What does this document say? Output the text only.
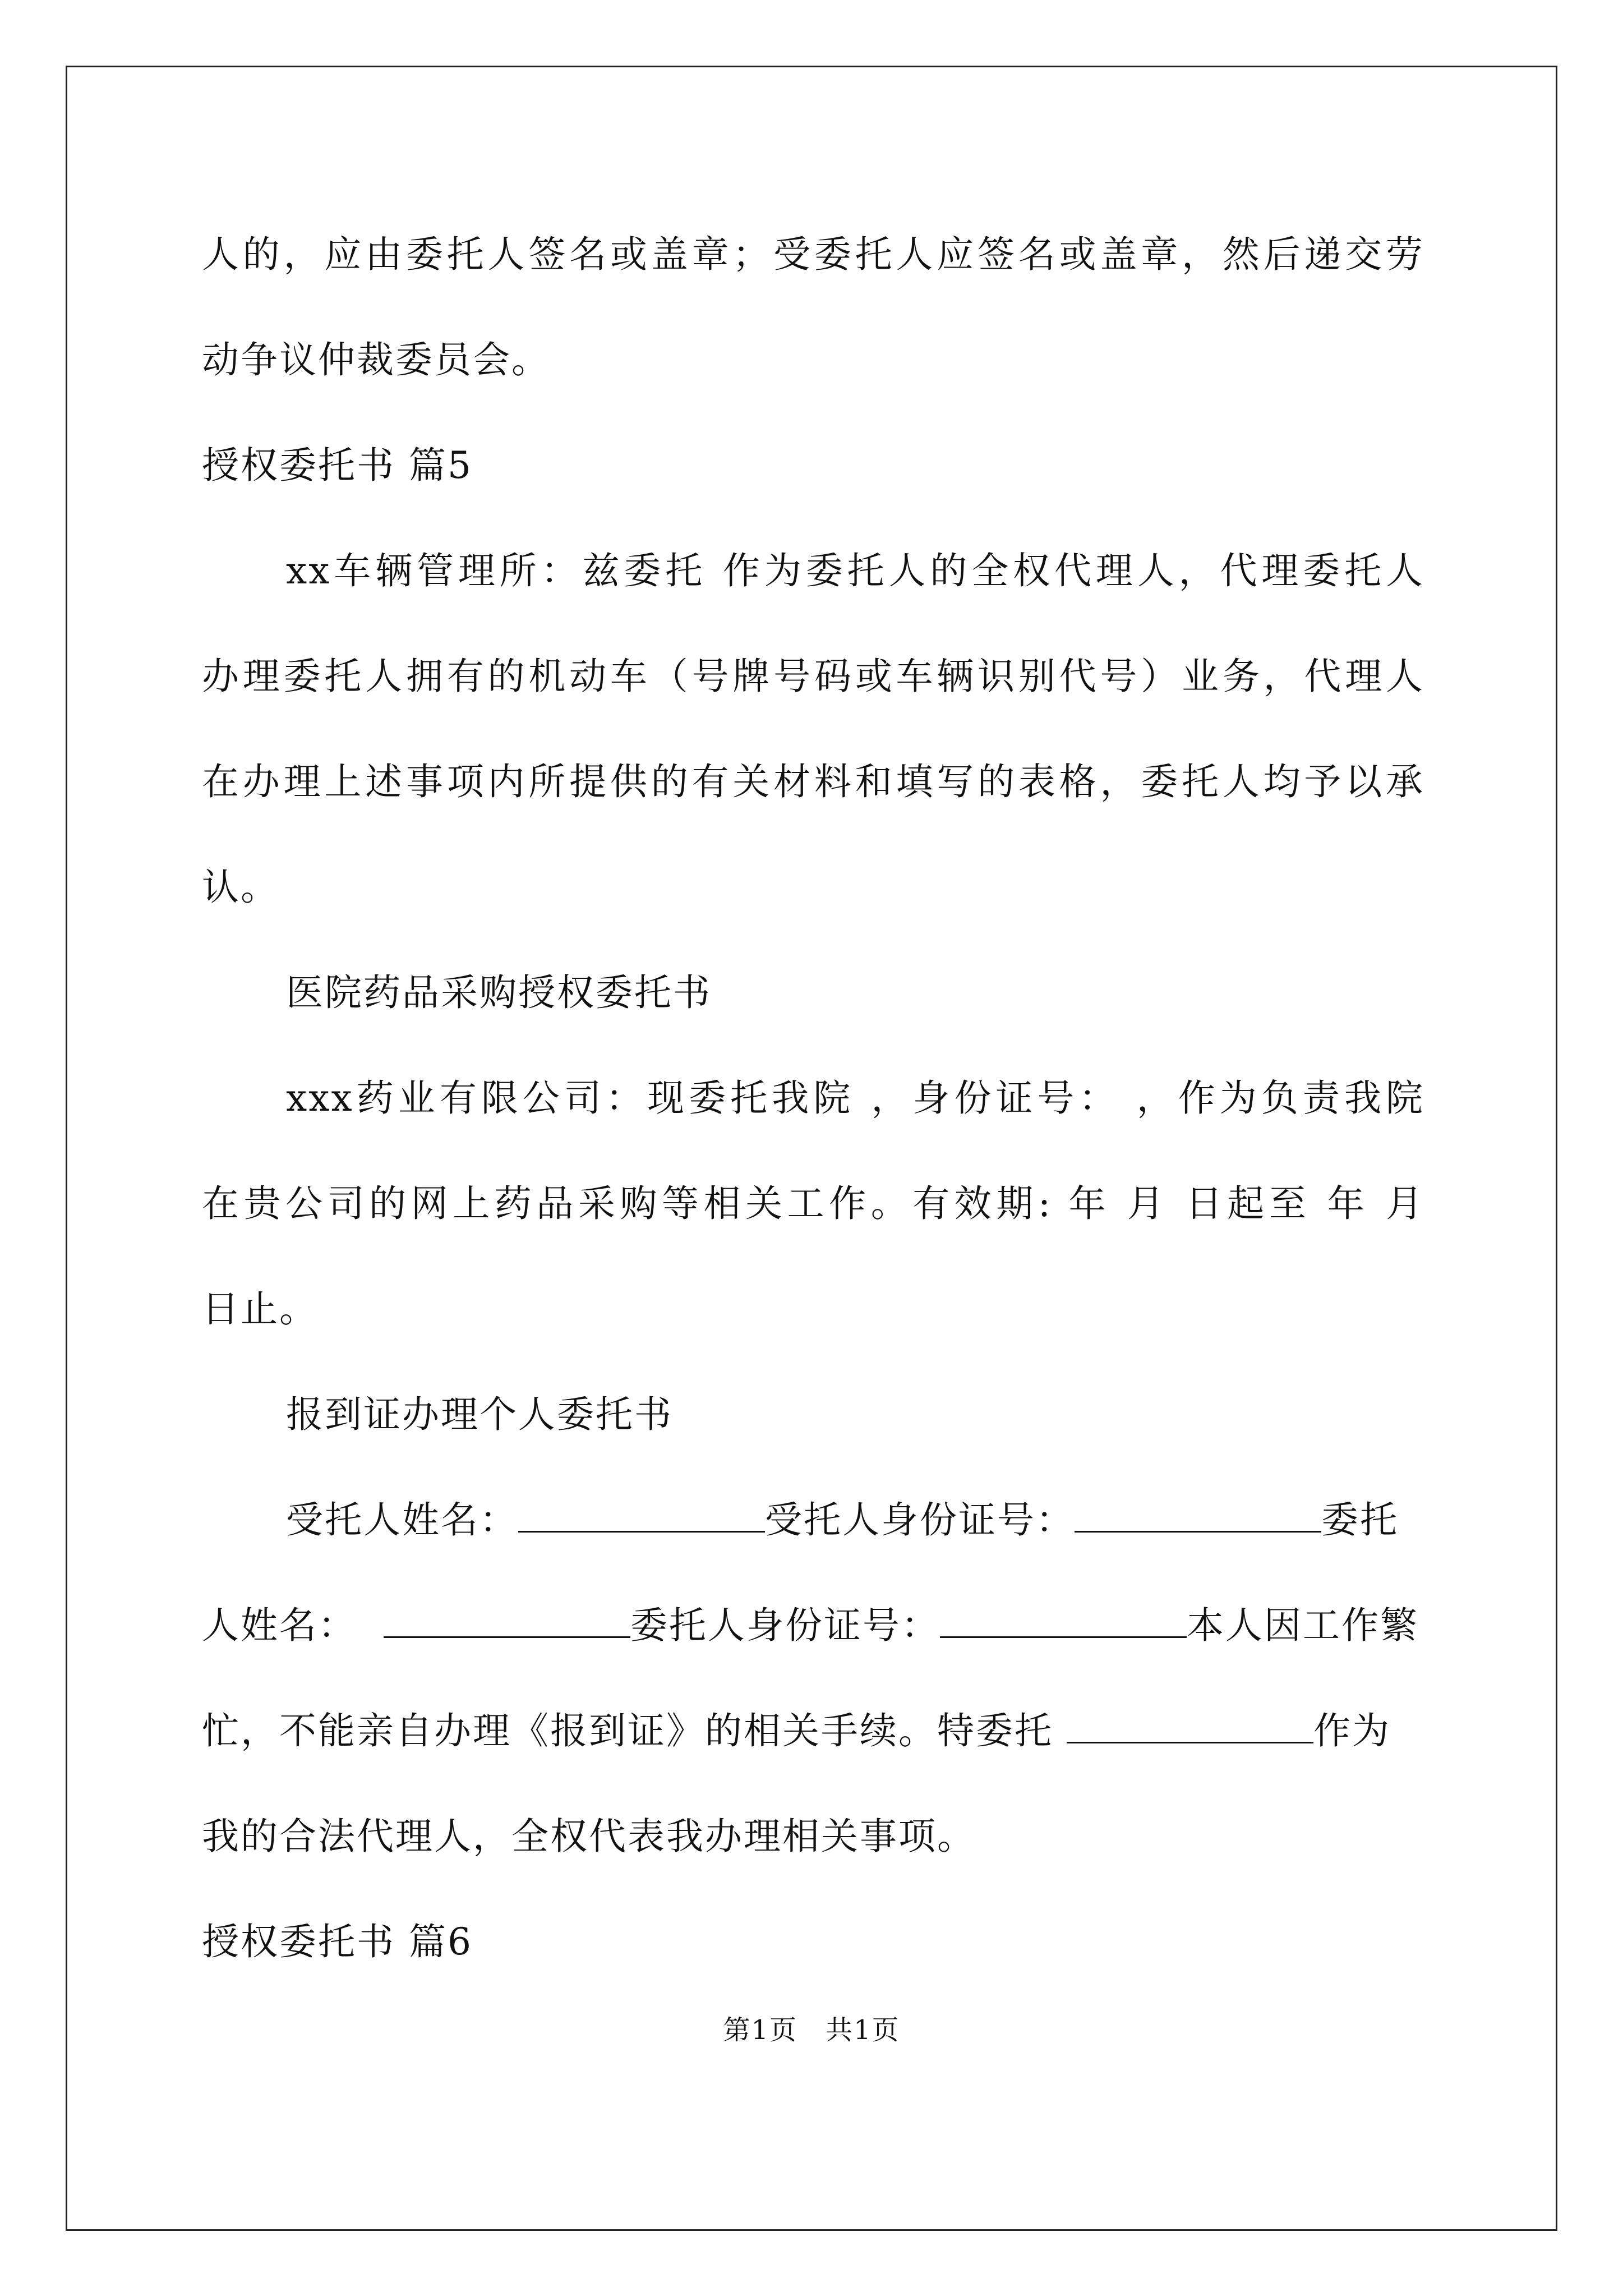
人的，应由委托人签名或盖章；受委托人应签名或盖章，然后递交劳
动争议仲裁委员会。
授权委托书 篇5
xx车辆管理所：兹委托 作为委托人的全权代理人，代理委托人
办理委托人拥有的机动车（号牌号码或车辆识别代号）业务，代理人
在办理上述事项内所提供的有关材料和填写的表格，委托人均予以承
认。
医院药品采购授权委托书
xxx药业有限公司：现委托我院 ，身份证号： ，作为负责我院
在贵公司的网上药品采购等相关工作。有效期: 年 月 日起至 年 月
日止。
报到证办理个人委托书
受托人姓名：	受托人身份证号：	委托
人姓名：	委托人身份证号：	本人因工作繁
忙，不能亲自办理《报到证》的相关手续。特委托	作为
我的合法代理人，全权代表我办理相关事项。
授权委托书 篇6
第1页　共1页
